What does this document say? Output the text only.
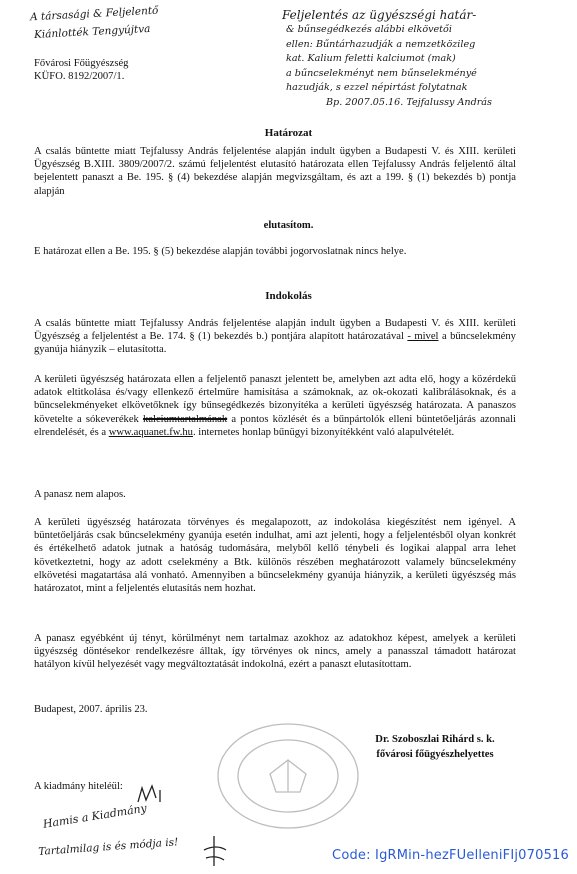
A társasági & Feljelentő
Kiánlotték Tengyújtva
Feljelentés az ügyészségi határ-
& bűnsegédkezés alábbi elkövetői
ellen: Bűntárhazudják a nemzetközileg
kat. Kalium feletti kalciumot (mak)
a bűncselekményt nem bűnselekményé
hazudják, s ezzel népirtást folytatnak
Bp. 2007.05.16. Tejfalussy András
Fővárosi Főügyészség
KÜFO. 8192/2007/1.
Határozat
A csalás bűntette miatt Tejfalussy András feljelentése alapján indult ügyben a Budapesti V. és XIII. kerületi Ügyészség B.XIII. 3809/2007/2. számú feljelentést elutasító határozata ellen Tejfalussy András feljelentő által bejelentett panaszt a Be. 195. § (4) bekezdése alapján megvizsgáltam, és azt a 199. § (1) bekezdés b) pontja alapján
elutasítom.
E határozat ellen a Be. 195. § (5) bekezdése alapján további jogorvoslatnak nincs helye.
Indokolás
A csalás bűntette miatt Tejfalussy András feljelentése alapján indult ügyben a Budapesti V. és XIII. kerületi Ügyészség a feljelentést a Be. 174. § (1) bekezdés b.) pontjára alapított határozatával - mivel a bűncselekmény gyanúja hiányzik – elutasította.
A kerületi ügyészség határozata ellen a feljelentő panaszt jelentett be, amelyben azt adta elő, hogy a közérdekű adatok eltitkolása és/vagy ellenkező értelműre hamisítása a számoknak, az ok-okozati kalibrálásoknak, és a bűncselekményeket elkövetőknek így bűnsegédkezés bizonyítéka a kerületi ügyészség határozata. A panaszos követelte a sókeverékek kalciumtartalmának a pontos közlését és a bűnpártolók elleni büntetőeljárás azonnali elrendelését, és a www.aquanet.fw.hu. internetes honlap bűnügyi bizonyítékként való alapulvételét.
A panasz nem alapos.
A kerületi ügyészség határozata törvényes és megalapozott, az indokolása kiegészítést nem igényel. A büntetőeljárás csak bűncselekmény gyanúja esetén indulhat, ami azt jelenti, hogy a feljelentésből olyan konkrét és értékelhető adatok jutnak a hatóság tudomására, melyből kellő ténybeli és logikai alappal arra lehet következtetni, hogy az adott cselekmény a Btk. különös részében meghatározott valamely bűncselekmény elkövetési magatartása alá vonható. Amennyiben a bűncselekmény gyanúja hiányzik, a kerületi ügyészség más határozatot, mint a feljelentés elutasítás nem hozhat.
A panasz egyébként új tényt, körülményt nem tartalmaz azokhoz az adatokhoz képest, amelyek a kerületi ügyészség döntésekor rendelkezésre álltak, így törvényes ok nincs, amely a panasszal támadott határozat hatályon kívül helyezését vagy megváltoztatását indokolná, ezért a panaszt elutasítottam.
Budapest, 2007. április 23.
Dr. Szoboszlai Rihárd s. k.
fővárosi főügyészhelyettes
A kiadmány hiteléül:
Hamis a Kiadmány
Tartalmilag is és módja is!	Code: IgRMin-hezFUelleniFIj070516
